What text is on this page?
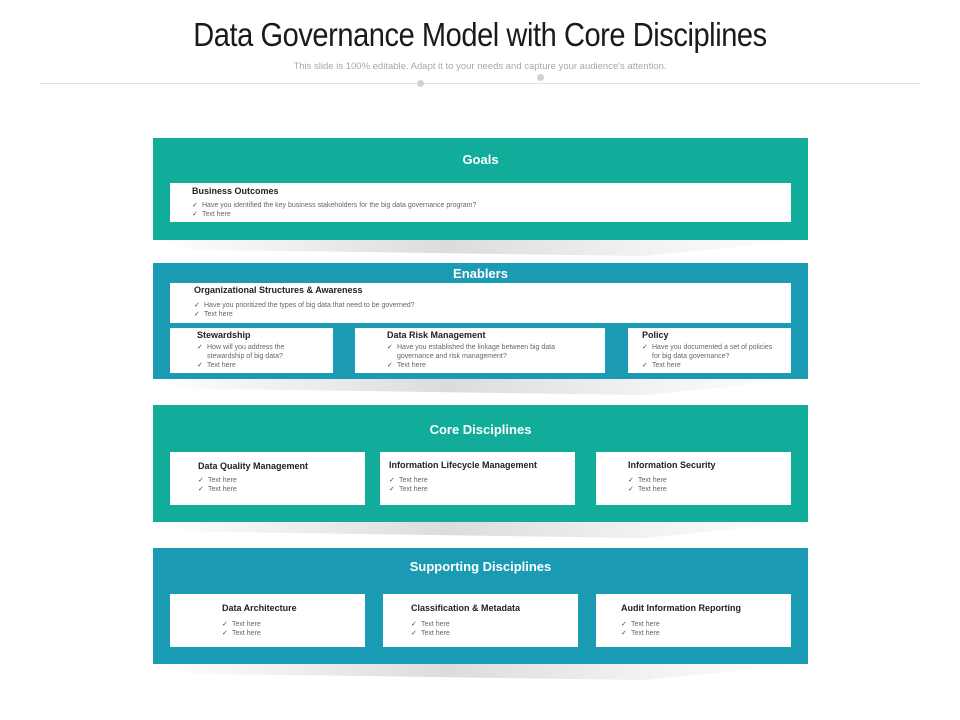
Data Governance Model with Core Disciplines
This slide is 100% editable. Adapt it to your needs and capture your audience's attention.
Goals
Business Outcomes
✓ Have you identified the key business stakeholders for the big data governance program?
✓ Text here
Enablers
Organizational Structures & Awareness
✓ Have you prioritized the types of big data that need to be governed?
✓ Text here
Stewardship
✓ How will you address the stewardship of big data?
✓ Text here
Data Risk Management
✓ Have you established the linkage between big data governance and risk management?
✓ Text here
Policy
✓ Have you documented a set of policies for big data governance?
✓ Text here
Core Disciplines
Data Quality Management
✓ Text here
✓ Text here
Information Lifecycle Management
✓ Text here
✓ Text here
Information Security
✓ Text here
✓ Text here
Supporting Disciplines
Data Architecture
✓ Text here
✓ Text here
Classification & Metadata
✓ Text here
✓ Text here
Audit Information Reporting
✓ Text here
✓ Text here
